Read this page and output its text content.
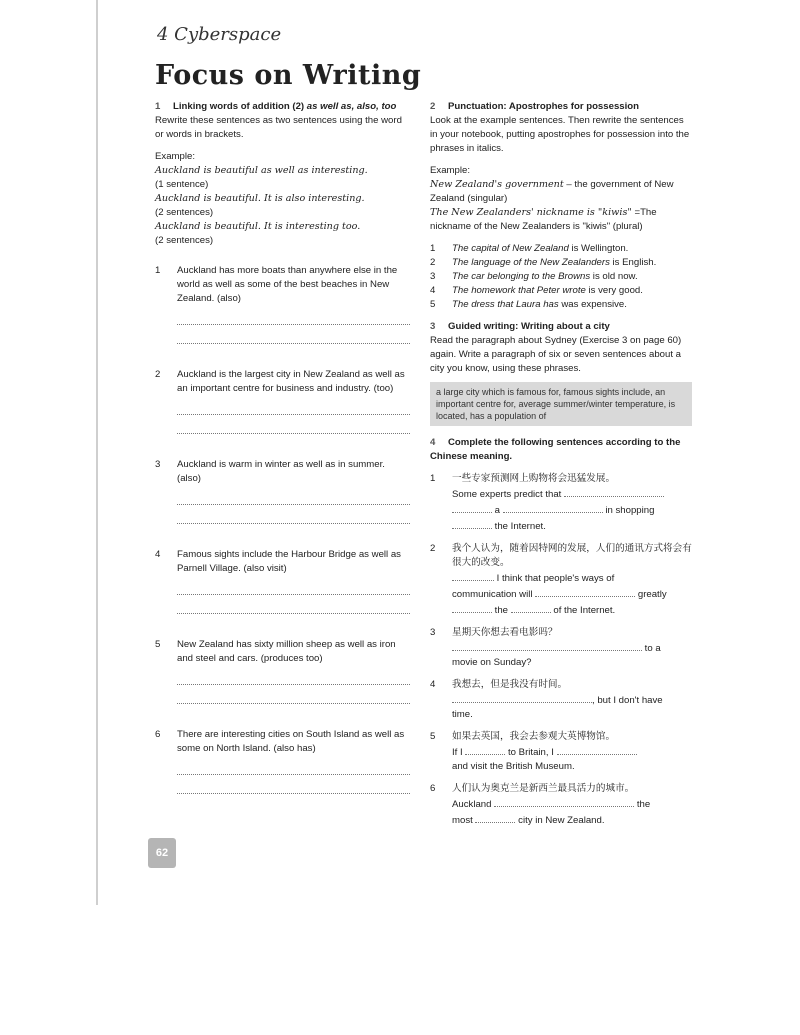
4 Cyberspace
Focus on Writing

1 Linking words of addition (2) as well as, also, too

Rewrite these sentences as two sentences using the word or words in brackets.

Example:

Auckland is beautiful as well as interesting.

(1 sentence)

Auckland is beautiful. It is also interesting.

(2 sentences)

Auckland is beautiful. It is interesting too.

(2 sentences)

1 Auckland has more boats than anywhere else in the world as well as some of the best beaches in New Zealand. (also)
2 Auckland is the largest city in New Zealand as well as an important centre for business and industry. (too)
3 Auckland is warm in winter as well as in summer. (also)
4 Famous sights include the Harbour Bridge as well as Parnell Village. (also visit)
5 New Zealand has sixty million sheep as well as iron and steel and cars. (produces too)
6 There are interesting cities on South Island as well as some on North Island. (also has)

2 Punctuation: Apostrophes for possession

Look at the example sentences. Then rewrite the sentences in your notebook, putting apostrophes for possession into the phrases in italics.

Example:

New Zealand's government – the government of New Zealand (singular)

The New Zealanders' nickname is "kiwis" =The nickname of the New Zealanders is "kiwis" (plural)

1 The capital of New Zealand is Wellington.
2 The language of the New Zealanders is English.
3 The car belonging to the Browns is old now.
4 The homework that Peter wrote is very good.
5 The dress that Laura has was expensive.

3 Guided writing: Writing about a city

Read the paragraph about Sydney (Exercise 3 on page 60) again. Write a paragraph of six or seven sentences about a city you know, using these phrases.

a large city which is famous for, famous sights include, an important centre for, average summer/winter temperature, is located, has a population of

4 Complete the following sentences according to the Chinese meaning.

1 一些专家预测网上购物将会迅猛发展。

Some experts predict that

a	in shopping

the Internet.

2 我个人认为，随着因特网的发展，人们的通讯方式将会有很大的改变。

I think that people's ways of

communication will	greatly

the	of the Internet.

3 星期天你想去看电影吗？

to a

movie on Sunday?

4 我想去，但是我没有时间。

, but I don't have

time.

5 如果去英国，我会去参观大英博物馆。

If I	to Britain, I

and visit the British Museum.

6 人们认为奥克兰是新西兰最具活力的城市。

Auckland	the

most	city in New Zealand.

62
